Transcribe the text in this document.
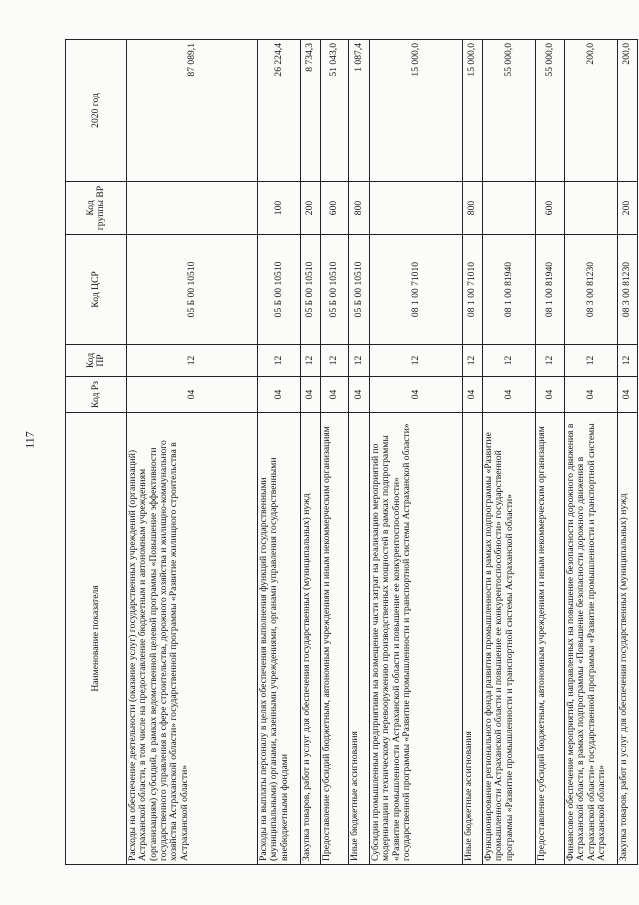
117
Наименование показателя	Код Рз	Код ПР	Код ЦСР	Код группы ВР	2020 год
Расходы на обеспечение деятельности (оказание услуг) государственных учреждений (организаций) Астраханской области, в том числе на предоставление бюджетным и автономным учреждениям (организациям) субсидий, в рамках ведомственной целевой программы «Повышение эффективности государственного управления в сфере строительства, дорожного хозяйства и жилищно-коммунального хозяйства Астраханской области» государственной программы «Развитие жилищного строительства в Астраханской области»	04	12	05 Б 00 10510		87 089,1
Расходы на выплаты персоналу в целях обеспечения выполнения функций государственными (муниципальными) органами, казенными учреждениями, органами управления государственными внебюджетными фондами	04	12	05 Б 00 10510	100	26 224,4
Закупка товаров, работ и услуг для обеспечения государственных (муниципальных) нужд	04	12	05 Б 00 10510	200	8 734,3
Предоставление субсидий бюджетным, автономным учреждениям и иным некоммерческим организациям	04	12	05 Б 00 10510	600	51 043,0
Иные бюджетные ассигнования	04	12	05 Б 00 10510	800	1 087,4
Субсидии промышленным предприятиям на возмещение части затрат на реализацию мероприятий по модернизации и техническому перевооружению производственных мощностей в рамках подпрограммы «Развитие промышленности Астраханской области и повышение ее конкурентоспособности» государственной программы «Развитие промышленности и транспортной системы Астраханской области»	04	12	08 1 00 71010		15 000,0
Иные бюджетные ассигнования	04	12	08 1 00 71010	800	15 000,0
Функционирование регионального фонда развития промышленности в рамках подпрограммы «Развитие промышленности Астраханской области и повышение ее конкурентоспособности» государственной программы «Развитие промышленности и транспортной системы Астраханской области»	04	12	08 1 00 81940		55 000,0
Предоставление субсидий бюджетным, автономным учреждениям и иным некоммерческим организациям	04	12	08 1 00 81940	600	55 000,0
Финансовое обеспечение мероприятий, направленных на повышение безопасности дорожного движения в Астраханской области, в рамках подпрограммы «Повышение безопасности дорожного движения в Астраханской области» государственной программы «Развитие промышленности и транспортной системы Астраханской области»	04	12	08 3 00 81230		200,0
Закупка товаров, работ и услуг для обеспечения государственных (муниципальных) нужд	04	12	08 3 00 81230	200	200,0
